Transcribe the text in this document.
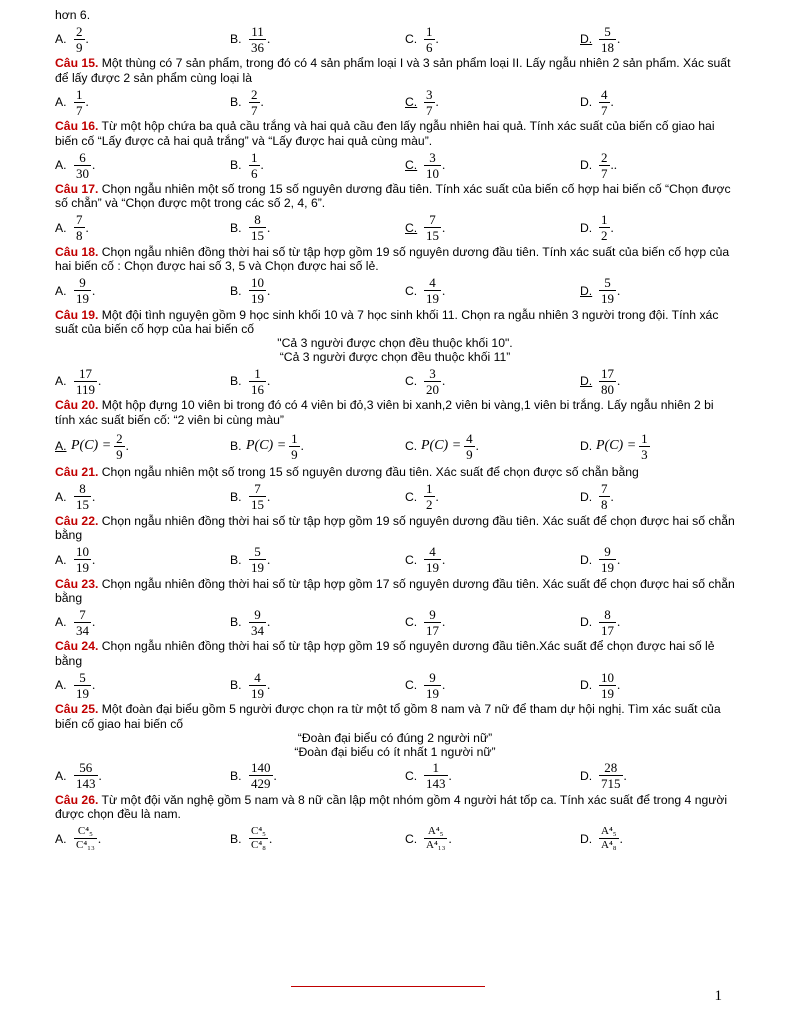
hơn 6.

A. $\frac{2}{9}$ .	B. $\frac{11}{36}$ .	C. $\frac{1}{6}$ .	D. $\frac{5}{18}$ .

Câu 15. Một thùng có 7 sản phẩm, trong đó có 4 sản phẩm loại I và 3 sản phẩm loại II. Lấy ngẫu nhiên 2 sản phẩm. Xác suất để lấy được 2 sản phẩm cùng loại là

A. $\frac{1}{7}$ .	B. $\frac{2}{7}$ .	C. $\frac{3}{7}$ .	D. $\frac{4}{7}$ .

Câu 16. Từ một hộp chứa ba quả cầu trắng và hai quả cầu đen lấy ngẫu nhiên hai quả. Tính xác suất của biến cố giao hai biến cố “Lấy được cả hai quả trắng” và “Lấy được hai quả cùng màu”.

A. $\frac{6}{30}$ .	B. $\frac{1}{6}$ .	C. $\frac{3}{10}$ .	D. $\frac{2}{7}$ ..

Câu 17. Chọn ngẫu nhiên một số trong 15 số nguyên dương đầu tiên. Tính xác suất của biến cố hợp hai biến cố “Chọn được số chẵn” và “Chọn được một trong các số 2, 4, 6”.

A. $\frac{7}{8}$ .	B. $\frac{8}{15}$ .	C. $\frac{7}{15}$ .	D. $\frac{1}{2}$ .

Câu 18. Chọn ngẫu nhiên đồng thời hai số từ tập hợp gồm 19 số nguyên dương đầu tiên. Tính xác suất của biến cố hợp của hai biến cố : Chọn được hai số 3, 5 và Chọn được hai số lẻ.

A. $\frac{9}{19}$ .	B. $\frac{10}{19}$ .	C. $\frac{4}{19}$ .	D. $\frac{5}{19}$ .

Câu 19. Một đội tình nguyện gồm 9 học sinh khối 10 và 7 học sinh khối 11. Chọn ra ngẫu nhiên 3 người trong đội. Tính xác suất của biến cố hợp của hai biến cố

"Cả 3 người được chọn đều thuộc khối 10".

“Cả 3 người được chọn đều thuộc khối 11”

A. $\frac{17}{119}$ .	B. $\frac{1}{16}$ .	C. $\frac{3}{20}$ .	D. $\frac{17}{80}$ .

Câu 20. Một hộp đựng 10 viên bi trong đó có 4 viên bi đỏ,3 viên bi xanh,2 viên bi vàng,1 viên bi trắng. Lấy ngẫu nhiên 2 bi tính xác suất biến cố: “2 viên bi cùng màu”

A. $P(C) = \frac{2}{9}$ .	B. $P(C) = \frac{1}{9}$ .	C. $P(C) = \frac{4}{9}$ .	D. $P(C) = \frac{1}{3}$

Câu 21. Chọn ngẫu nhiên một số trong 15 số nguyên dương đầu tiên. Xác suất để chọn được số chẵn bằng

A. $\frac{8}{15}$ .	B. $\frac{7}{15}$ .	C. $\frac{1}{2}$ .	D. $\frac{7}{8}$ .

Câu 22. Chọn ngẫu nhiên đồng thời hai số từ tập hợp gồm 19 số nguyên dương đầu tiên. Xác suất để chọn được hai số chẵn bằng

A. $\frac{10}{19}$ .	B. $\frac{5}{19}$ .	C. $\frac{4}{19}$ .	D. $\frac{9}{19}$ .

Câu 23. Chọn ngẫu nhiên đồng thời hai số từ tập hợp gồm 17 số nguyên dương đầu tiên. Xác suất để chọn được hai số chẵn bằng

A. $\frac{7}{34}$ .	B. $\frac{9}{34}$ .	C. $\frac{9}{17}$ .	D. $\frac{8}{17}$ .

Câu 24. Chọn ngẫu nhiên đồng thời hai số từ tập hợp gồm 19 số nguyên dương đầu tiên.Xác suất để chọn được hai số lẻ bằng

A. $\frac{5}{19}$ .	B. $\frac{4}{19}$ .	C. $\frac{9}{19}$ .	D. $\frac{10}{19}$ .

Câu 25. Một đoàn đại biểu gồm 5 người được chọn ra từ một tổ gồm 8 nam và 7 nữ để tham dự hội nghị. Tìm xác suất của biến cố giao hai biến cố

“Đoàn đại biểu có đúng 2 người nữ”

“Đoàn đại biểu có ít nhất 1 người nữ”

A. $\frac{56}{143}$ .	B. $\frac{140}{429}$ .	C. $\frac{1}{143}$ .	D. $\frac{28}{715}$ .

Câu 26. Từ một đội văn nghệ gồm 5 nam và 8 nữ cần lập một nhóm gồm 4 người hát tốp ca. Tính xác suất để trong 4 người được chọn đều là nam.

A. $\frac{\text{C⁴₅}}{\text{C⁴₁₃}}$ .	B. $\frac{\text{C⁴₅}}{\text{C⁴₈}}$ .	C. $\frac{\text{A⁴₅}}{\text{A⁴₁₃}}$ .	D. $\frac{\text{A⁴₅}}{\text{A⁴₈}}$ .
1
